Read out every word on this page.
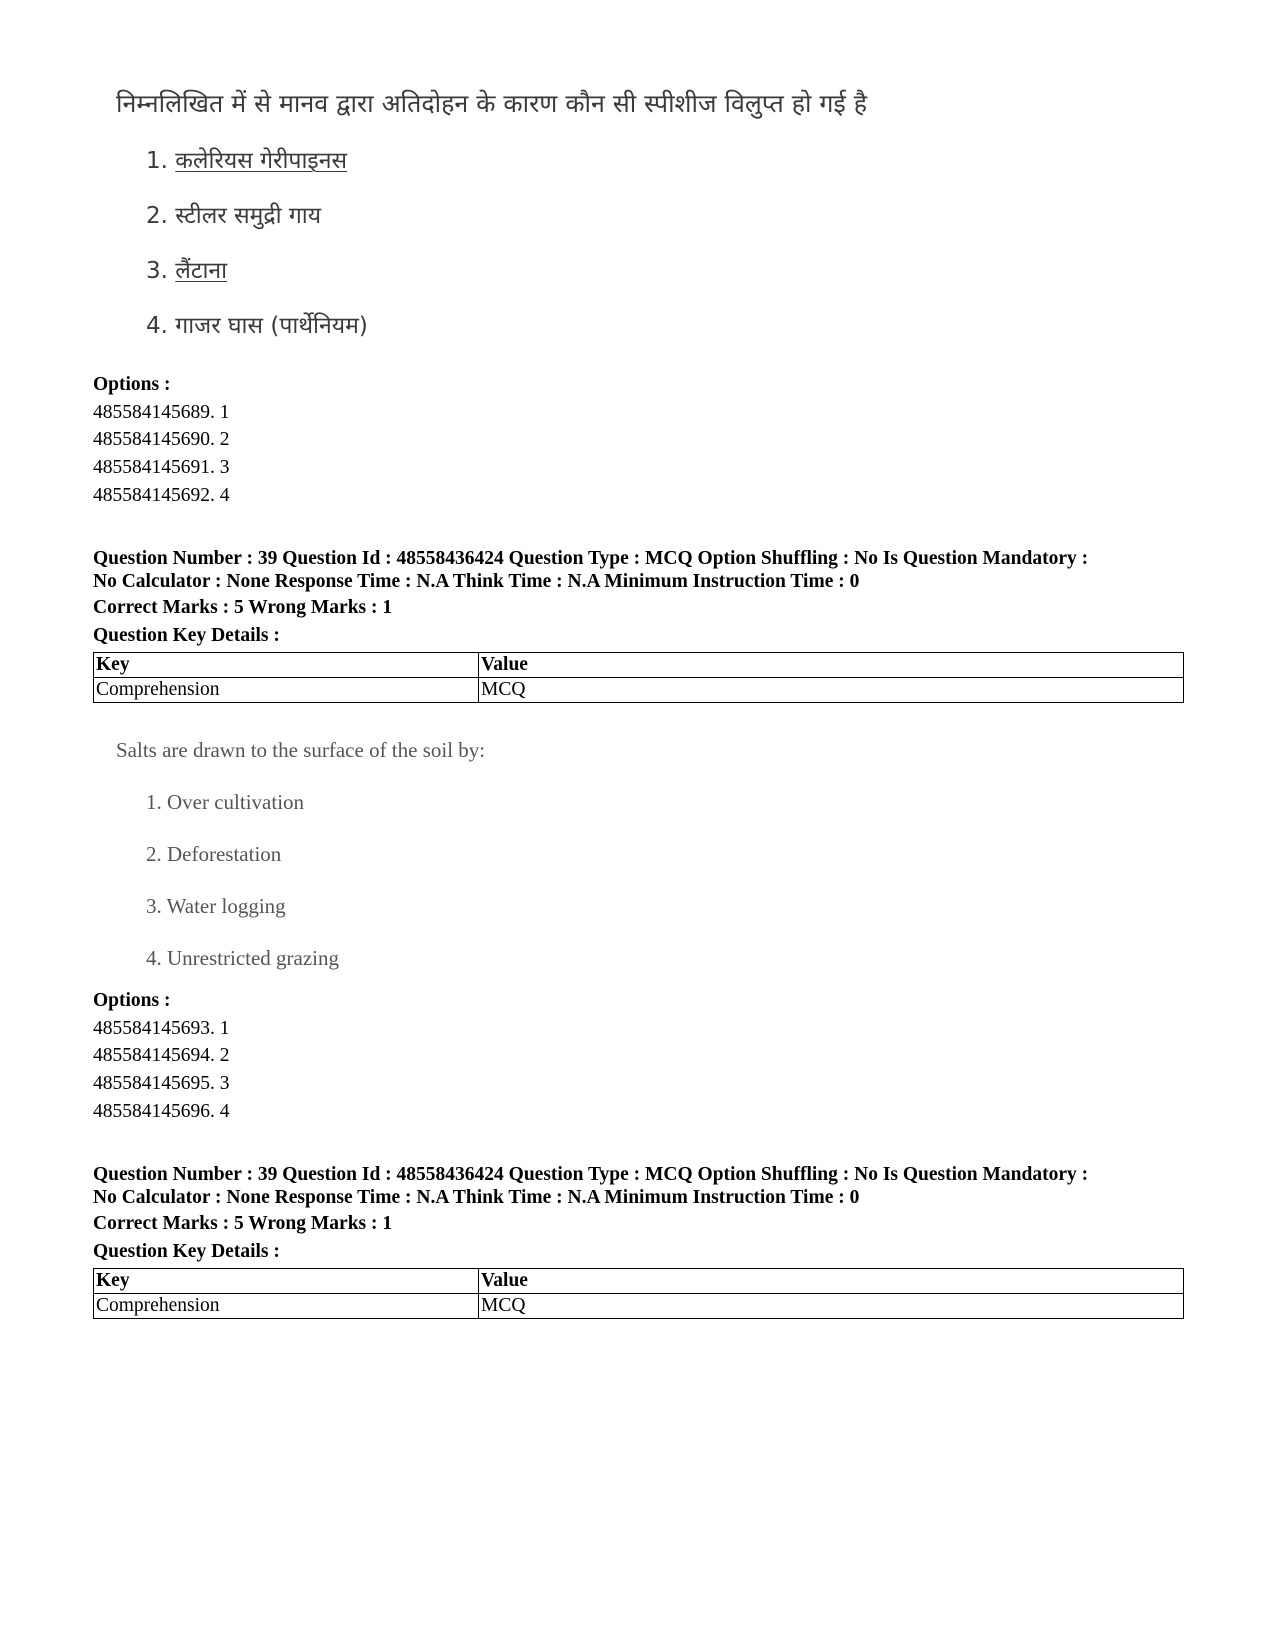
निम्नलिखित में से मानव द्वारा अतिदोहन के कारण कौन सी स्पीशीज विलुप्त हो गई है
1. कलेरियस गेरीपाइनस
2. स्टीलर समुद्री गाय
3. लैंटाना
4. गाजर घास (पार्थेनियम)
Options :
485584145689. 1
485584145690. 2
485584145691. 3
485584145692. 4
Question Number : 39 Question Id : 48558436424 Question Type : MCQ Option Shuffling : No Is Question Mandatory :
No Calculator : None Response Time : N.A Think Time : N.A Minimum Instruction Time : 0
Correct Marks : 5 Wrong Marks : 1
Question Key Details :
Key	Value
Comprehension	MCQ
Salts are drawn to the surface of the soil by:
1. Over cultivation
2. Deforestation
3. Water logging
4. Unrestricted grazing
Options :
485584145693. 1
485584145694. 2
485584145695. 3
485584145696. 4
Question Number : 39 Question Id : 48558436424 Question Type : MCQ Option Shuffling : No Is Question Mandatory :
No Calculator : None Response Time : N.A Think Time : N.A Minimum Instruction Time : 0
Correct Marks : 5 Wrong Marks : 1
Question Key Details :
Key	Value
Comprehension	MCQ
